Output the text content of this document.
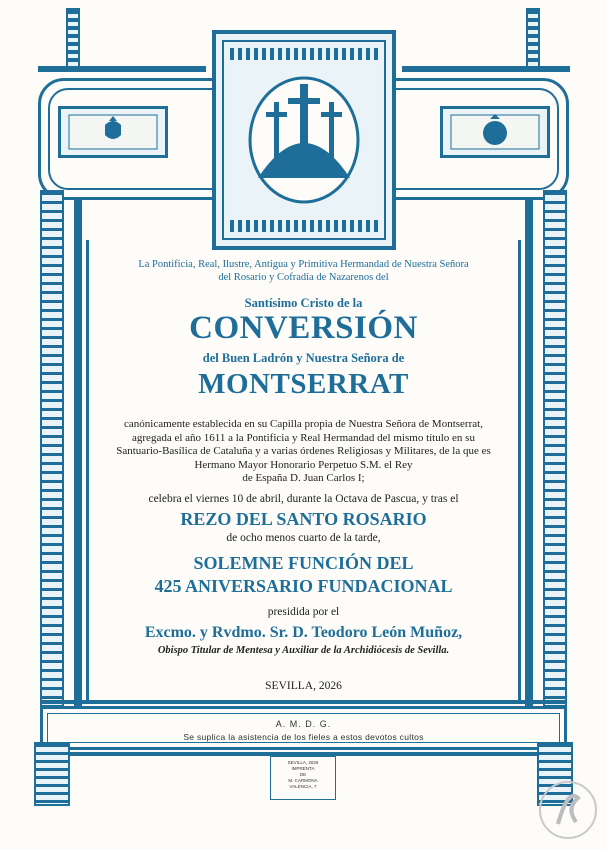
La Pontificia, Real, Ilustre, Antigua y Primitiva Hermandad de Nuestra Señora
del Rosario y Cofradía de Nazarenos del
Santísimo Cristo de la
CONVERSIÓN
del Buen Ladrón y Nuestra Señora de
MONTSERRAT
canónicamente establecida en su Capilla propia de Nuestra Señora de Montserrat,
agregada el año 1611 a la Pontificia y Real Hermandad del mismo título en su
Santuario-Basílica de Cataluña y a varias órdenes Religiosas y Militares, de la que es
Hermano Mayor Honorario Perpetuo S.M. el Rey
de España D. Juan Carlos I;
celebra el viernes 10 de abril, durante la Octava de Pascua, y tras el
REZO DEL SANTO ROSARIO
de ocho menos cuarto de la tarde,
SOLEMNE FUNCIÓN DEL
425 ANIVERSARIO FUNDACIONAL
presidida por el
Excmo. y Rvdmo. Sr. D. Teodoro León Muñoz,
Obispo Titular de Mentesa y Auxiliar de la Archidiócesis de Sevilla.
SEVILLA, 2026
A. M. D. G.
Se suplica la asistencia de los fieles a estos devotos cultos
SEVILLA, 2026
IMPRENTA
DE
M. CARMONA
VALENCIA, 7
